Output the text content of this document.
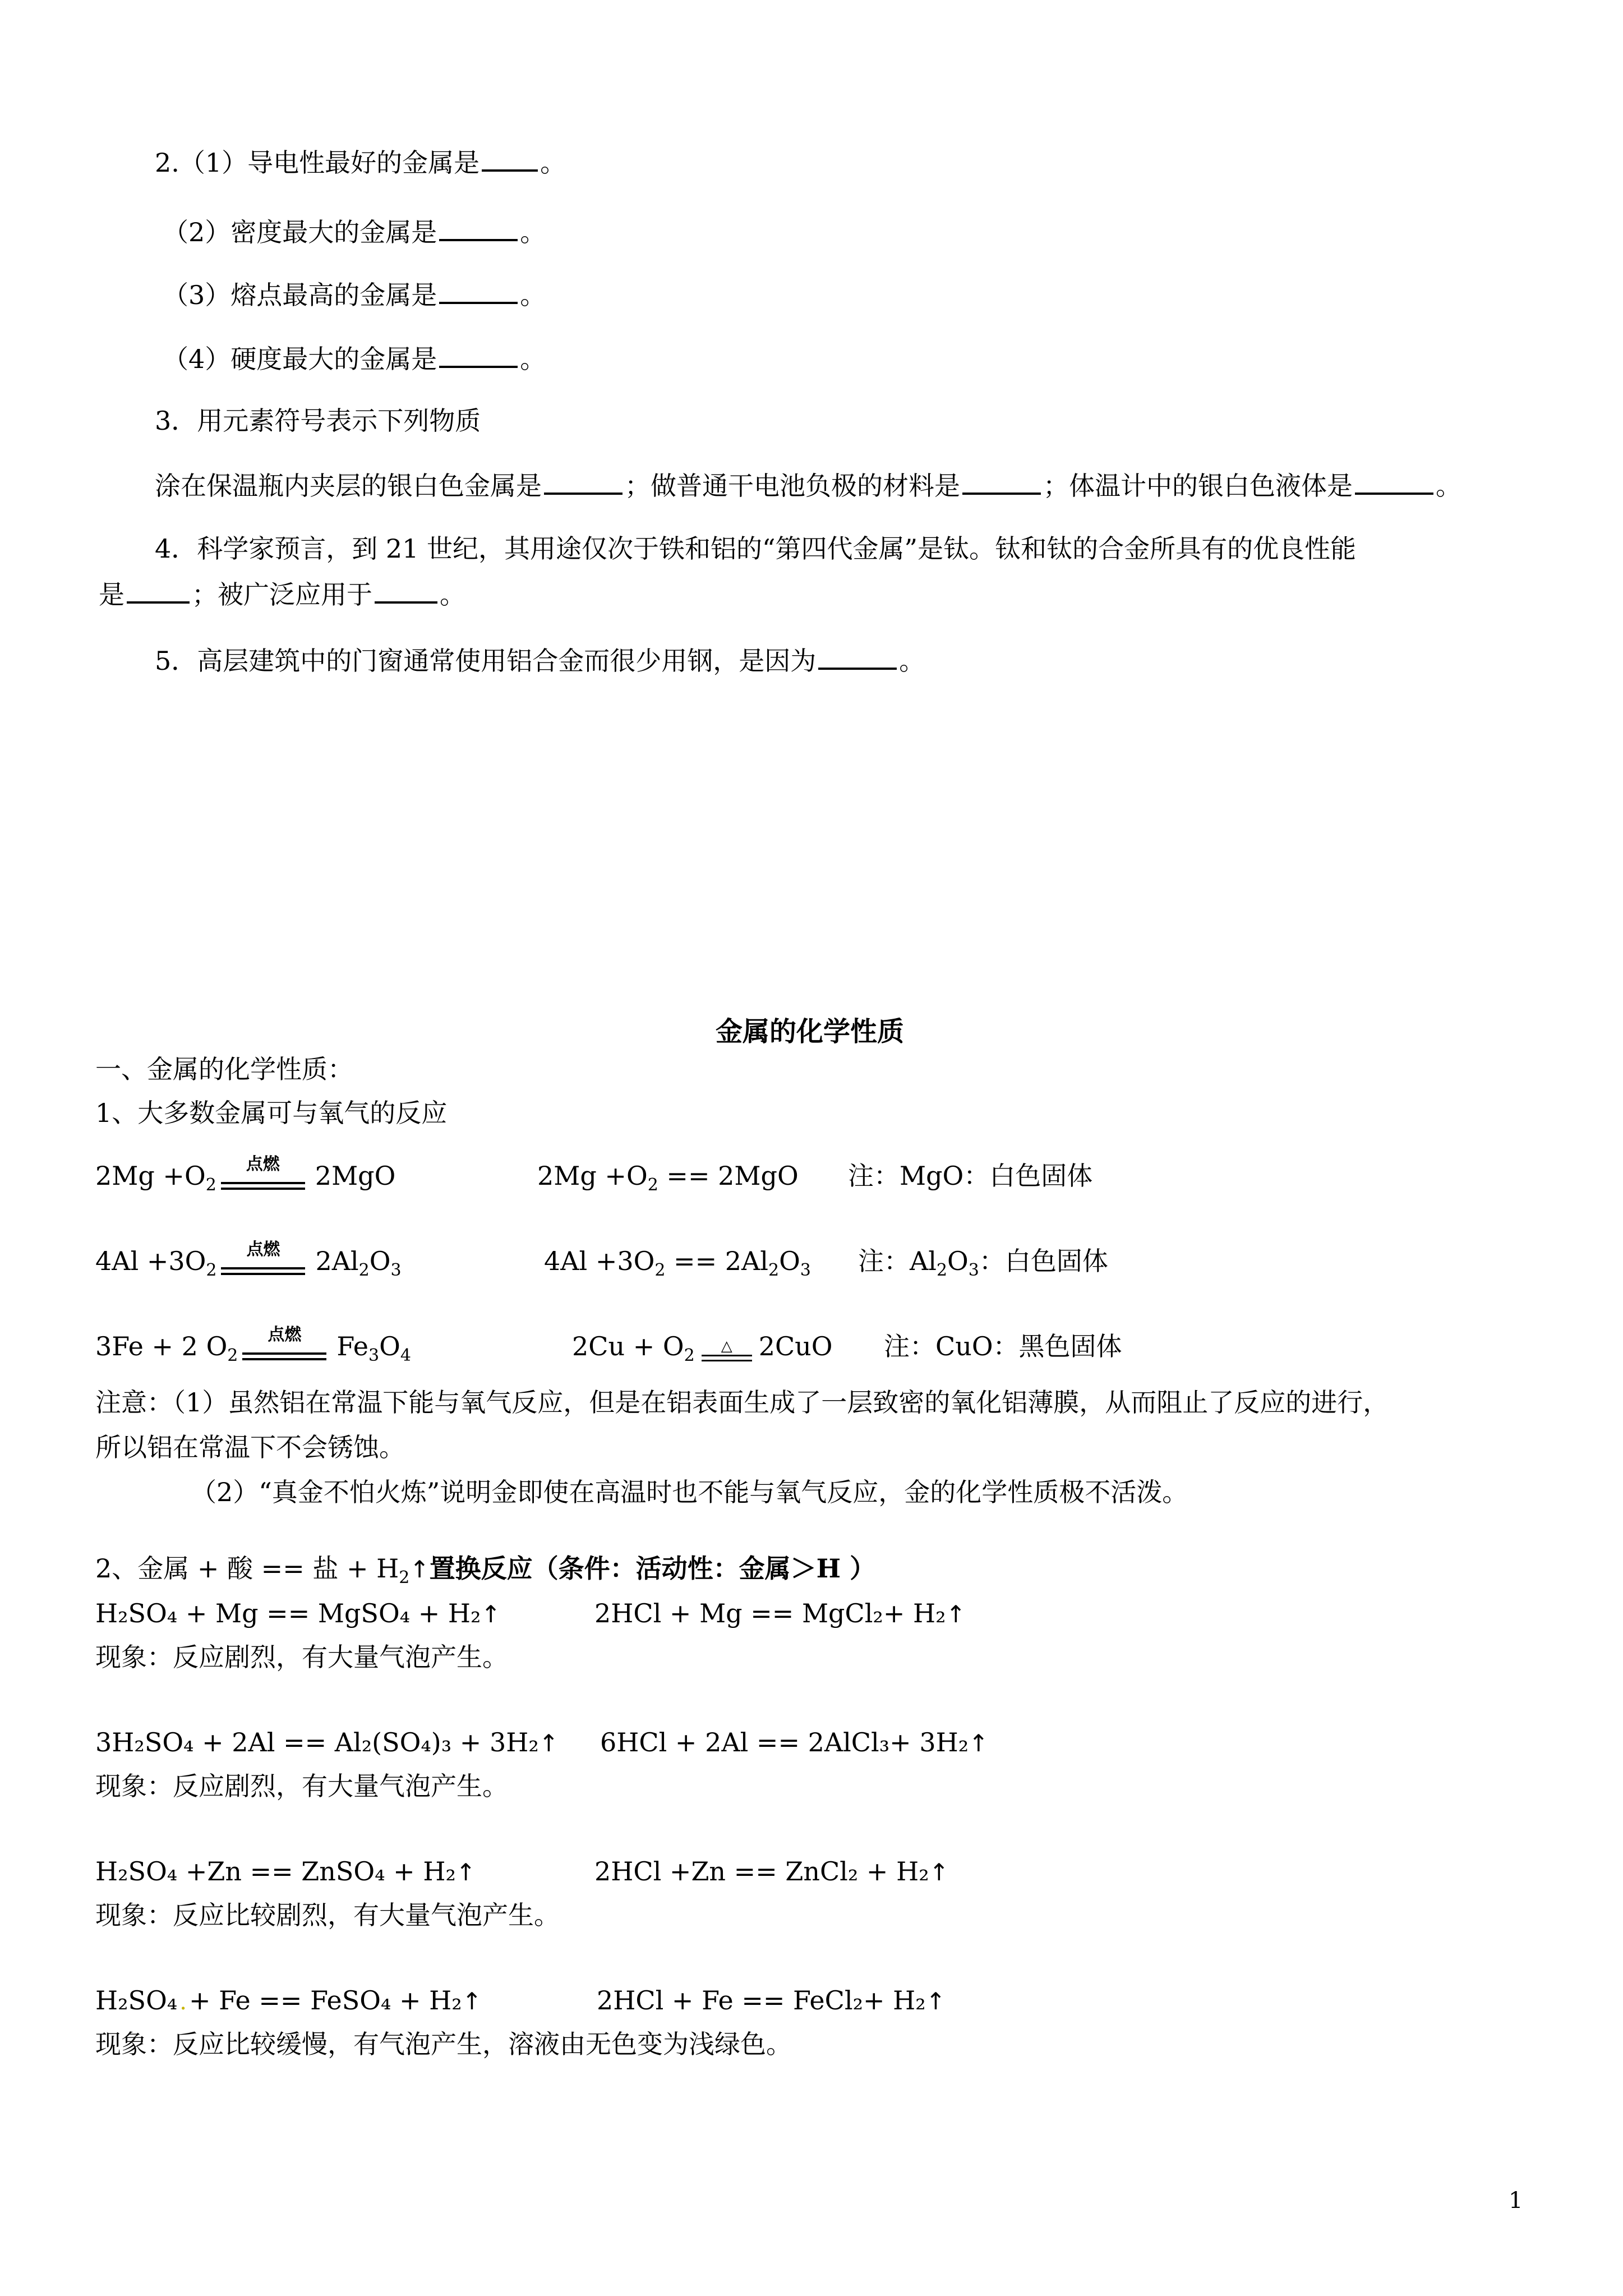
2.（1）导电性最好的金属是 。
（2）密度最大的金属是	。
（3）熔点最高的金属是	。
（4）硬度最大的金属是	。
3．用元素符号表示下列物质
涂在保温瓶内夹层的银白色金属是	；做普通干电池负极的材料是	；体温计中的银白色液体是	。
4．科学家预言，到 21 世纪，其用途仅次于铁和铝的“第四代金属”是钛。钛和钛的合金所具有的优良性能
是	；被广泛应用于	。
5．高层建筑中的门窗通常使用铝合金而很少用钢，是因为	。
金属的化学性质
一、金属的化学性质：
1、大多数金属可与氧气的反应
$2Mg +O_2$
点燃	2MgO	$2Mg +O_2 == 2MgO$ 注：MgO：白色固体
$4Al +3O_2$
点燃	$2Al_2O_3$	$4Al +3O_2 == 2Al_2O_3$ 注：$Al_2O_3$：白色固体
3Fe + 2 $O_2$
点燃	$Fe_3O_4$	$2Cu + O_2$ △ 2CuO 注：CuO：黑色固体
注意：（1）虽然铝在常温下能与氧气反应，但是在铝表面生成了一层致密的氧化铝薄膜，从而阻止了反应的进行，
所以铝在常温下不会锈蚀。
（2）“真金不怕火炼”说明金即使在高温时也不能与氧气反应，金的化学性质极不活泼。
2、金属 + 酸 == 盐 + $H_2↑$置换反应（条件：活动性：金属＞H ）
H₂SO₄ + Mg == MgSO₄ + H₂↑	2HCl + Mg == MgCl₂+ H₂↑
现象：反应剧烈，有大量气泡产生。
3H₂SO₄ + 2Al == Al₂(SO₄)₃ + 3H₂↑ 6HCl + 2Al == 2AlCl₃+ 3H₂↑
现象：反应剧烈，有大量气泡产生。
H₂SO₄ +Zn == ZnSO₄ + H₂↑	2HCl +Zn == ZnCl₂ + H₂↑
现象：反应比较剧烈，有大量气泡产生。
H₂SO₄ .+ Fe == FeSO₄ + H₂↑	2HCl + Fe == FeCl₂+ H₂↑
现象：反应比较缓慢，有气泡产生，溶液由无色变为浅绿色。
1
